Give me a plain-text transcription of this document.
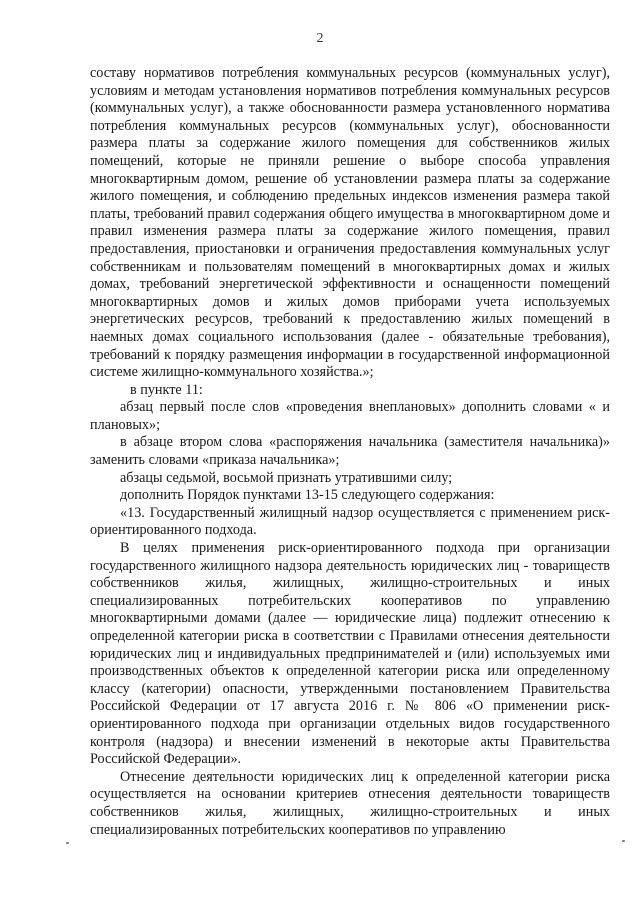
2

составу нормативов потребления коммунальных ресурсов (коммунальных услуг), условиям и методам установления нормативов потребления коммунальных ресурсов (коммунальных услуг), а также обоснованности размера установленного норматива потребления коммунальных ресурсов (коммунальных услуг), обоснованности размера платы за содержание жилого помещения для собственников жилых помещений, которые не приняли решение о выборе способа управления многоквартирным домом, решение об установлении размера платы за содержание жилого помещения, и соблюдению предельных индексов изменения размера такой платы, требований правил содержания общего имущества в многоквартирном доме и правил изменения размера платы за содержание жилого помещения, правил предоставления, приостановки и ограничения предоставления коммунальных услуг собственникам и пользователям помещений в многоквартирных домах и жилых домах, требований энергетической эффективности и оснащенности помещений многоквартирных домов и жилых домов приборами учета используемых энергетических ресурсов, требований к предоставлению жилых помещений в наемных домах социального использования (далее - обязательные требования), требований к порядку размещения информации в государственной информационной системе жилищно-коммунального хозяйства.»;

в пункте 11:

абзац первый после слов «проведения внеплановых» дополнить словами « и плановых»;

в абзаце втором слова «распоряжения начальника (заместителя начальника)» заменить словами «приказа начальника»;

абзацы седьмой, восьмой признать утратившими силу;

дополнить Порядок пунктами 13-15 следующего содержания:

«13. Государственный жилищный надзор осуществляется с применением риск-ориентированного подхода.

В целях применения риск-ориентированного подхода при организации государственного жилищного надзора деятельность юридических лиц - товариществ собственников жилья, жилищных, жилищно-строительных и иных специализированных потребительских кооперативов по управлению многоквартирными домами (далее — юридические лица) подлежит отнесению к определенной категории риска в соответствии с Правилами отнесения деятельности юридических лиц и индивидуальных предпринимателей и (или) используемых ими производственных объектов к определенной категории риска или определенному классу (категории) опасности, утвержденными постановлением Правительства Российской Федерации от 17 августа 2016 г. № 806 «О применении риск-ориентированного подхода при организации отдельных видов государственного контроля (надзора) и внесении изменений в некоторые акты Правительства Российской Федерации».

Отнесение деятельности юридических лиц к определенной категории риска осуществляется на основании критериев отнесения деятельности товариществ собственников жилья, жилищных, жилищно-строительных и иных специализированных потребительских кооперативов по управлению
